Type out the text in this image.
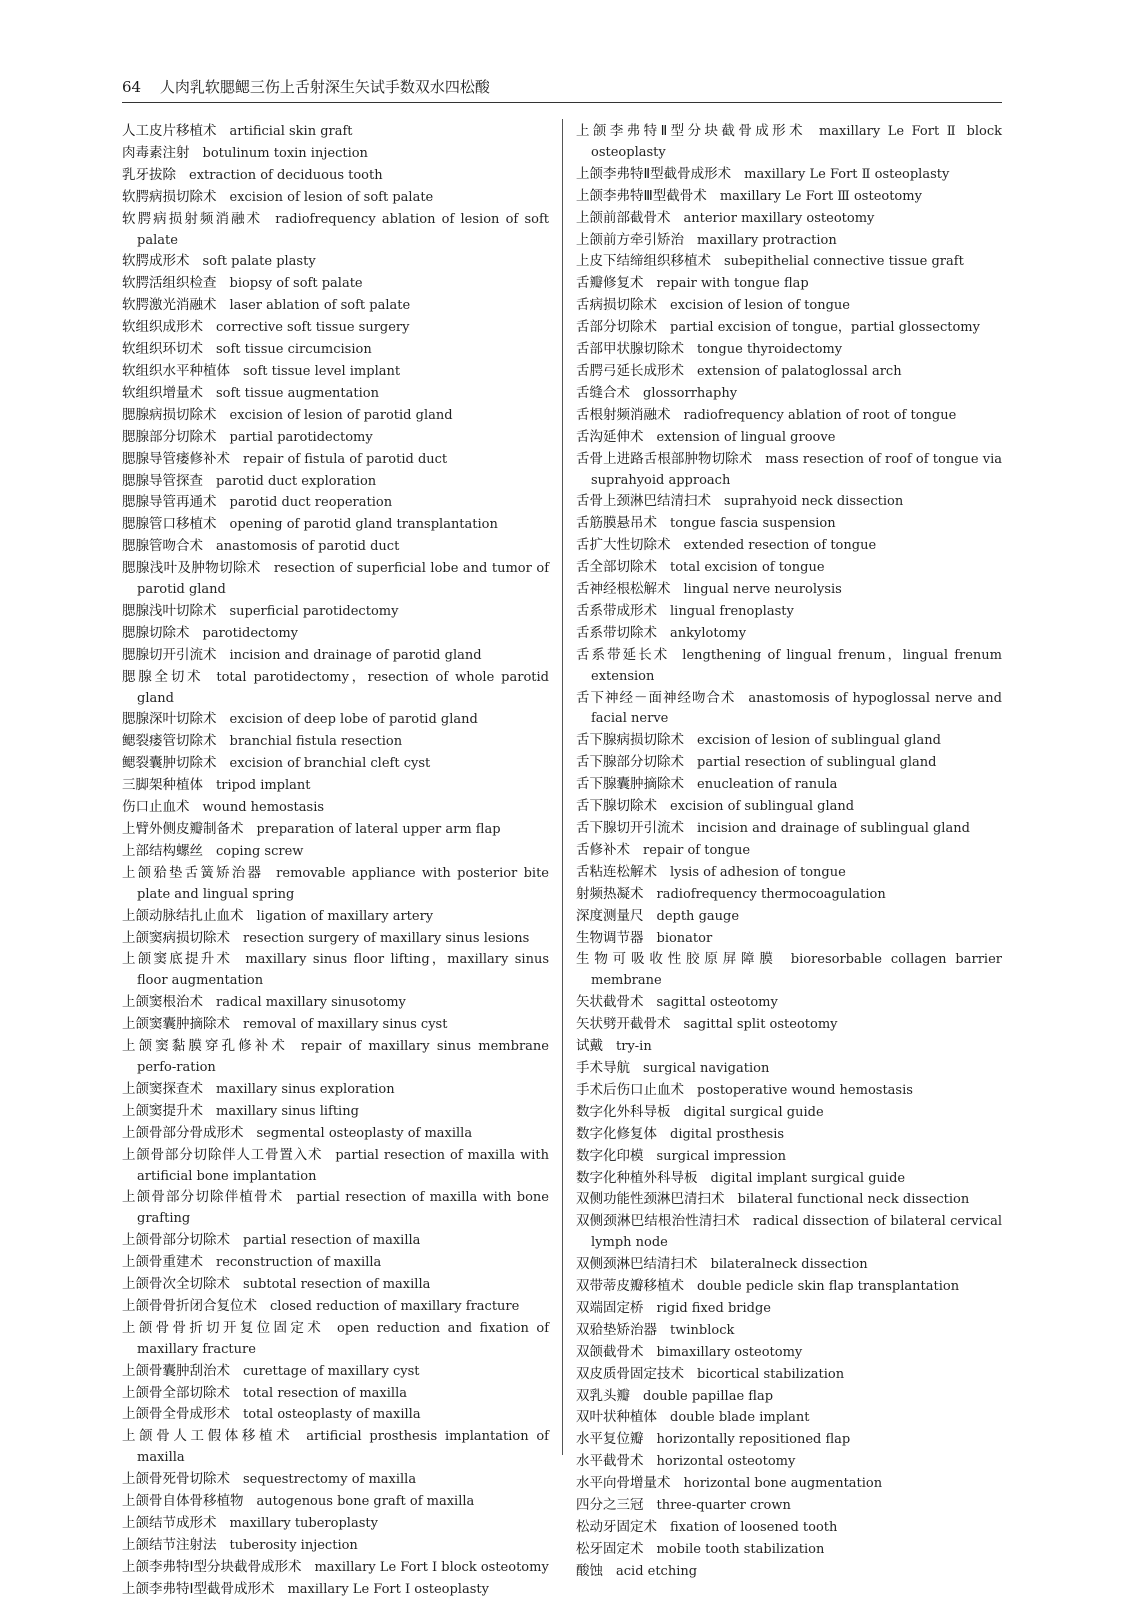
64 人肉乳软腮鳃三伤上舌射深生矢试手数双水四松酸
人工皮片移植术 artificial skin graft
肉毒素注射 botulinum toxin injection
乳牙拔除 extraction of deciduous tooth
软腭病损切除术 excision of lesion of soft palate
软腭病损射频消融术 radiofrequency ablation of lesion of soft palate
软腭成形术 soft palate plasty
软腭活组织检查 biopsy of soft palate
软腭激光消融术 laser ablation of soft palate
软组织成形术 corrective soft tissue surgery
软组织环切术 soft tissue circumcision
软组织水平种植体 soft tissue level implant
软组织增量术 soft tissue augmentation
腮腺病损切除术 excision of lesion of parotid gland
腮腺部分切除术 partial parotidectomy
腮腺导管瘘修补术 repair of fistula of parotid duct
腮腺导管探查 parotid duct exploration
腮腺导管再通术 parotid duct reoperation
腮腺管口移植术 opening of parotid gland transplantation
腮腺管吻合术 anastomosis of parotid duct
腮腺浅叶及肿物切除术 resection of superficial lobe and tumor of parotid gland
腮腺浅叶切除术 superficial parotidectomy
腮腺切除术 parotidectomy
腮腺切开引流术 incision and drainage of parotid gland
腮腺全切术 total parotidectomy，resection of whole parotid gland
腮腺深叶切除术 excision of deep lobe of parotid gland
鳃裂瘘管切除术 branchial fistula resection
鳃裂囊肿切除术 excision of branchial cleft cyst
三脚架种植体 tripod implant
伤口止血术 wound hemostasis
上臂外侧皮瓣制备术 preparation of lateral upper arm flap
上部结构螺丝 coping screw
上颌𬌗垫舌簧矫治器 removable appliance with posterior bite plate and lingual spring
上颌动脉结扎止血术 ligation of maxillary artery
上颌窦病损切除术 resection surgery of maxillary sinus lesions
上颌窦底提升术 maxillary sinus floor lifting，maxillary sinus floor augmentation
上颌窦根治术 radical maxillary sinusotomy
上颌窦囊肿摘除术 removal of maxillary sinus cyst
上颌窦黏膜穿孔修补术 repair of maxillary sinus membrane perfo-ration
上颌窦探查术 maxillary sinus exploration
上颌窦提升术 maxillary sinus lifting
上颌骨部分骨成形术 segmental osteoplasty of maxilla
上颌骨部分切除伴人工骨置入术 partial resection of maxilla with artificial bone implantation
上颌骨部分切除伴植骨术 partial resection of maxilla with bone grafting
上颌骨部分切除术 partial resection of maxilla
上颌骨重建术 reconstruction of maxilla
上颌骨次全切除术 subtotal resection of maxilla
上颌骨骨折闭合复位术 closed reduction of maxillary fracture
上颌骨骨折切开复位固定术 open reduction and fixation of maxillary fracture
上颌骨囊肿刮治术 curettage of maxillary cyst
上颌骨全部切除术 total resection of maxilla
上颌骨全骨成形术 total osteoplasty of maxilla
上颌骨人工假体移植术 artificial prosthesis implantation of maxilla
上颌骨死骨切除术 sequestrectomy of maxilla
上颌骨自体骨移植物 autogenous bone graft of maxilla
上颌结节成形术 maxillary tuberoplasty
上颌结节注射法 tuberosity injection
上颌李弗特Ⅰ型分块截骨成形术 maxillary Le Fort Ⅰ block osteotomy
上颌李弗特Ⅰ型截骨成形术 maxillary Le Fort Ⅰ osteoplasty
上颌李弗特Ⅱ型分块截骨成形术 maxillary Le Fort Ⅱ block osteoplasty
上颌李弗特Ⅱ型截骨成形术 maxillary Le Fort Ⅱ osteoplasty
上颌李弗特Ⅲ型截骨术 maxillary Le Fort Ⅲ osteotomy
上颌前部截骨术 anterior maxillary osteotomy
上颌前方牵引矫治 maxillary protraction
上皮下结缔组织移植术 subepithelial connective tissue graft
舌瓣修复术 repair with tongue flap
舌病损切除术 excision of lesion of tongue
舌部分切除术 partial excision of tongue，partial glossectomy
舌部甲状腺切除术 tongue thyroidectomy
舌腭弓延长成形术 extension of palatoglossal arch
舌缝合术 glossorrhaphy
舌根射频消融术 radiofrequency ablation of root of tongue
舌沟延伸术 extension of lingual groove
舌骨上进路舌根部肿物切除术 mass resection of roof of tongue via suprahyoid approach
舌骨上颈淋巴结清扫术 suprahyoid neck dissection
舌筋膜悬吊术 tongue fascia suspension
舌扩大性切除术 extended resection of tongue
舌全部切除术 total excision of tongue
舌神经根松解术 lingual nerve neurolysis
舌系带成形术 lingual frenoplasty
舌系带切除术 ankylotomy
舌系带延长术 lengthening of lingual frenum，lingual frenum extension
舌下神经－面神经吻合术 anastomosis of hypoglossal nerve and facial nerve
舌下腺病损切除术 excision of lesion of sublingual gland
舌下腺部分切除术 partial resection of sublingual gland
舌下腺囊肿摘除术 enucleation of ranula
舌下腺切除术 excision of sublingual gland
舌下腺切开引流术 incision and drainage of sublingual gland
舌修补术 repair of tongue
舌粘连松解术 lysis of adhesion of tongue
射频热凝术 radiofrequency thermocoagulation
深度测量尺 depth gauge
生物调节器 bionator
生物可吸收性胶原屏障膜 bioresorbable collagen barrier membrane
矢状截骨术 sagittal osteotomy
矢状劈开截骨术 sagittal split osteotomy
试戴 try-in
手术导航 surgical navigation
手术后伤口止血术 postoperative wound hemostasis
数字化外科导板 digital surgical guide
数字化修复体 digital prosthesis
数字化印模 surgical impression
数字化种植外科导板 digital implant surgical guide
双侧功能性颈淋巴清扫术 bilateral functional neck dissection
双侧颈淋巴结根治性清扫术 radical dissection of bilateral cervical lymph node
双侧颈淋巴结清扫术 bilateralneck dissection
双带蒂皮瓣移植术 double pedicle skin flap transplantation
双端固定桥 rigid fixed bridge
双𬌗垫矫治器 twinblock
双颌截骨术 bimaxillary osteotomy
双皮质骨固定技术 bicortical stabilization
双乳头瓣 double papillae flap
双叶状种植体 double blade implant
水平复位瓣 horizontally repositioned flap
水平截骨术 horizontal osteotomy
水平向骨增量术 horizontal bone augmentation
四分之三冠 three-quarter crown
松动牙固定术 fixation of loosened tooth
松牙固定术 mobile tooth stabilization
酸蚀 acid etching
